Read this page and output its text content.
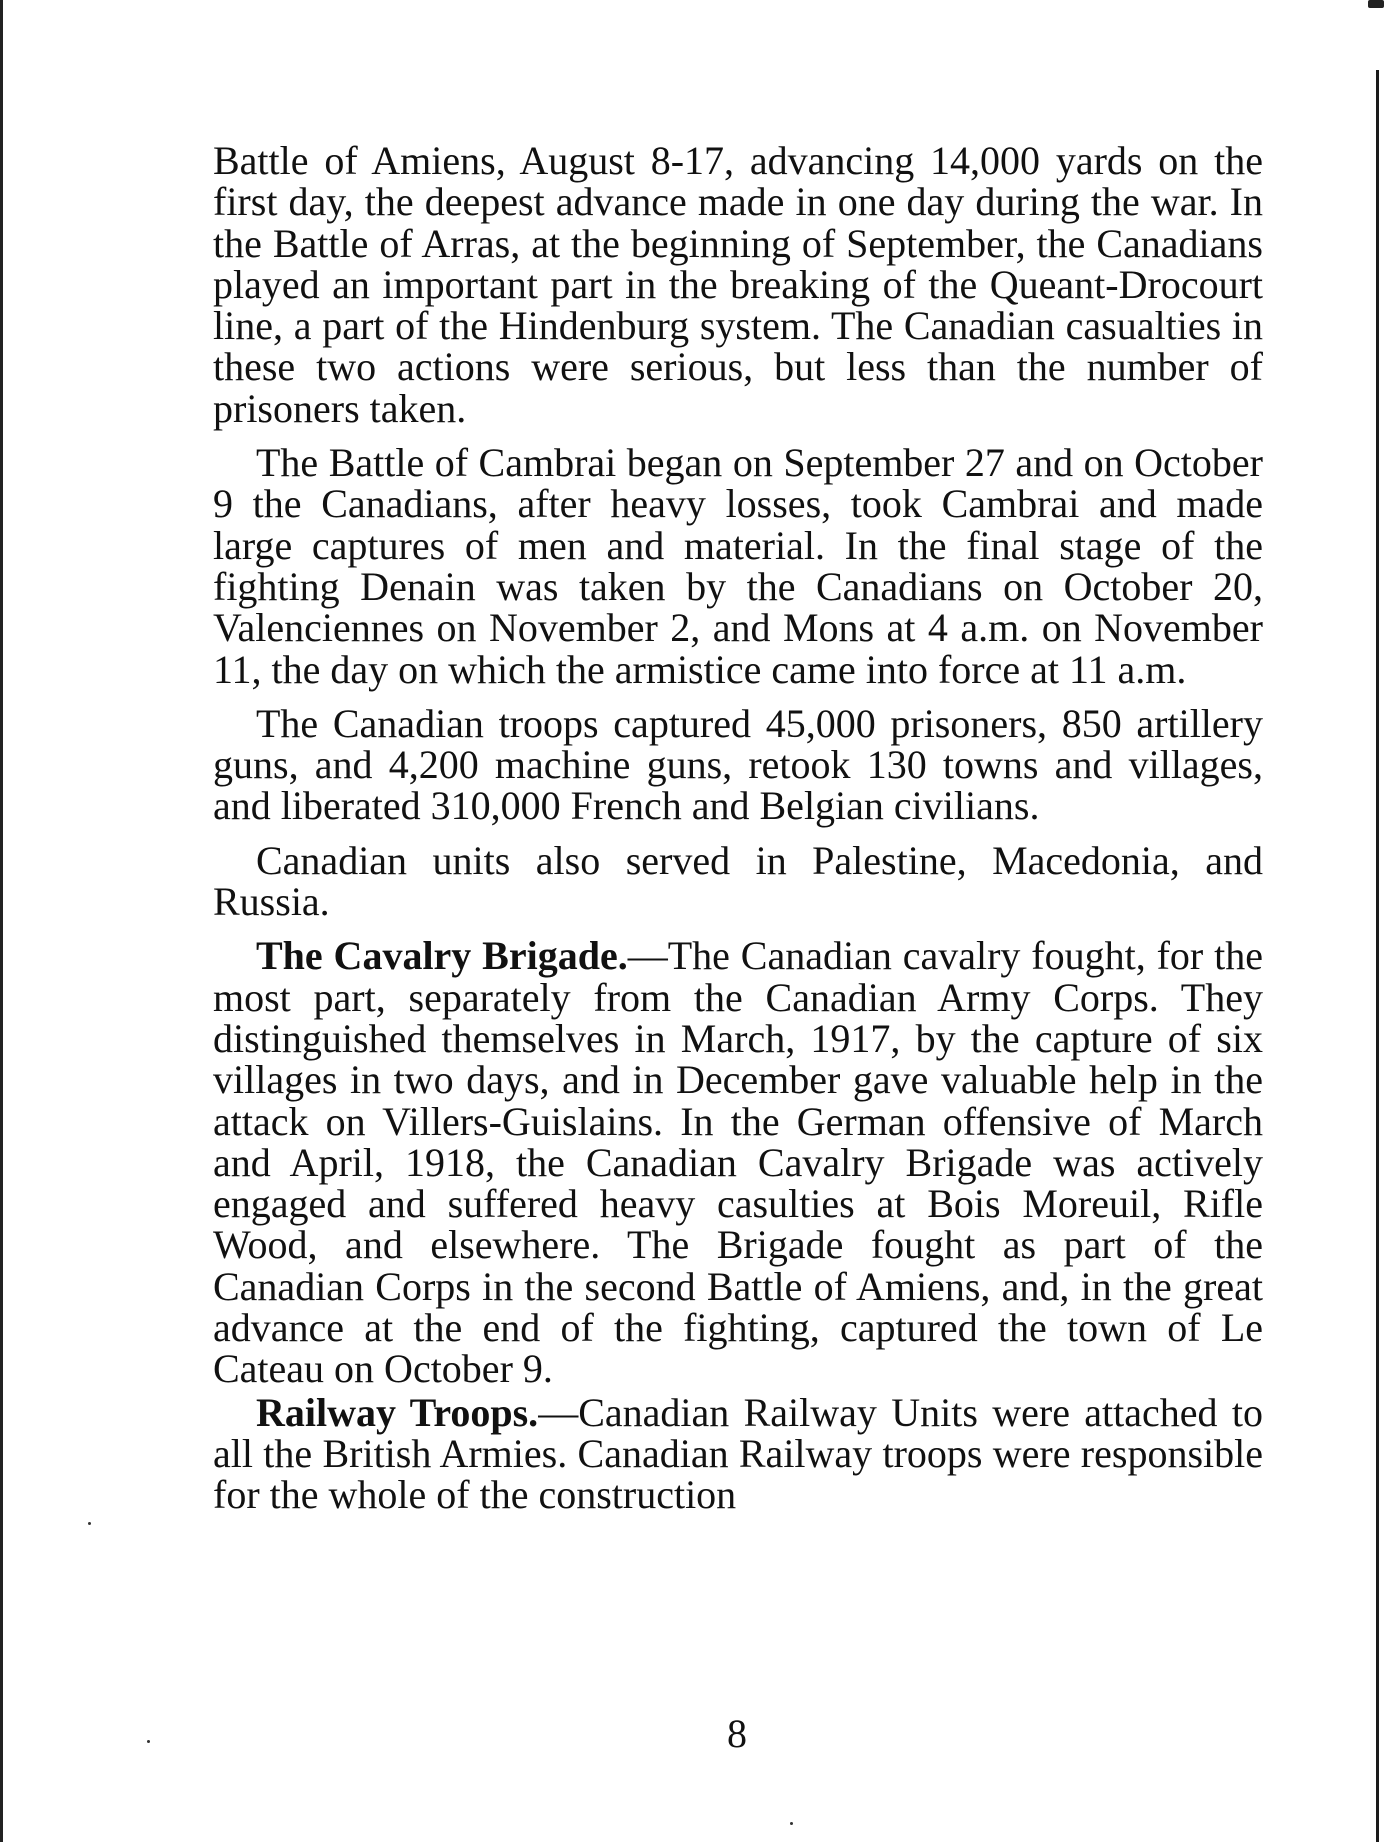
Battle of Amiens, August 8-17, advancing 14,000 yards on the first day, the deepest advance made in one day during the war. In the Battle of Arras, at the beginning of September, the Canadians played an important part in the breaking of the Queant-Drocourt line, a part of the Hindenburg system. The Canadian casualties in these two actions were serious, but less than the number of prisoners taken.

The Battle of Cambrai began on September 27 and on October 9 the Canadians, after heavy losses, took Cambrai and made large captures of men and material. In the final stage of the fighting Denain was taken by the Canadians on October 20, Valenciennes on November 2, and Mons at 4 a.m. on November 11, the day on which the armistice came into force at 11 a.m.

The Canadian troops captured 45,000 prisoners, 850 artillery guns, and 4,200 machine guns, retook 130 towns and villages, and liberated 310,000 French and Belgian civilians.

Canadian units also served in Palestine, Macedonia, and Russia.

The Cavalry Brigade.—The Canadian cavalry fought, for the most part, separately from the Canadian Army Corps. They distinguished themselves in March, 1917, by the capture of six villages in two days, and in December gave valuable help in the attack on Villers-Guislains. In the German offensive of March and April, 1918, the Canadian Cavalry Brigade was actively engaged and suffered heavy casulties at Bois Moreuil, Rifle Wood, and elsewhere. The Brigade fought as part of the Canadian Corps in the second Battle of Amiens, and, in the great advance at the end of the fighting, captured the town of Le Cateau on October 9.

Railway Troops.—Canadian Railway Units were attached to all the British Armies. Canadian Railway troops were responsible for the whole of the construction

8
